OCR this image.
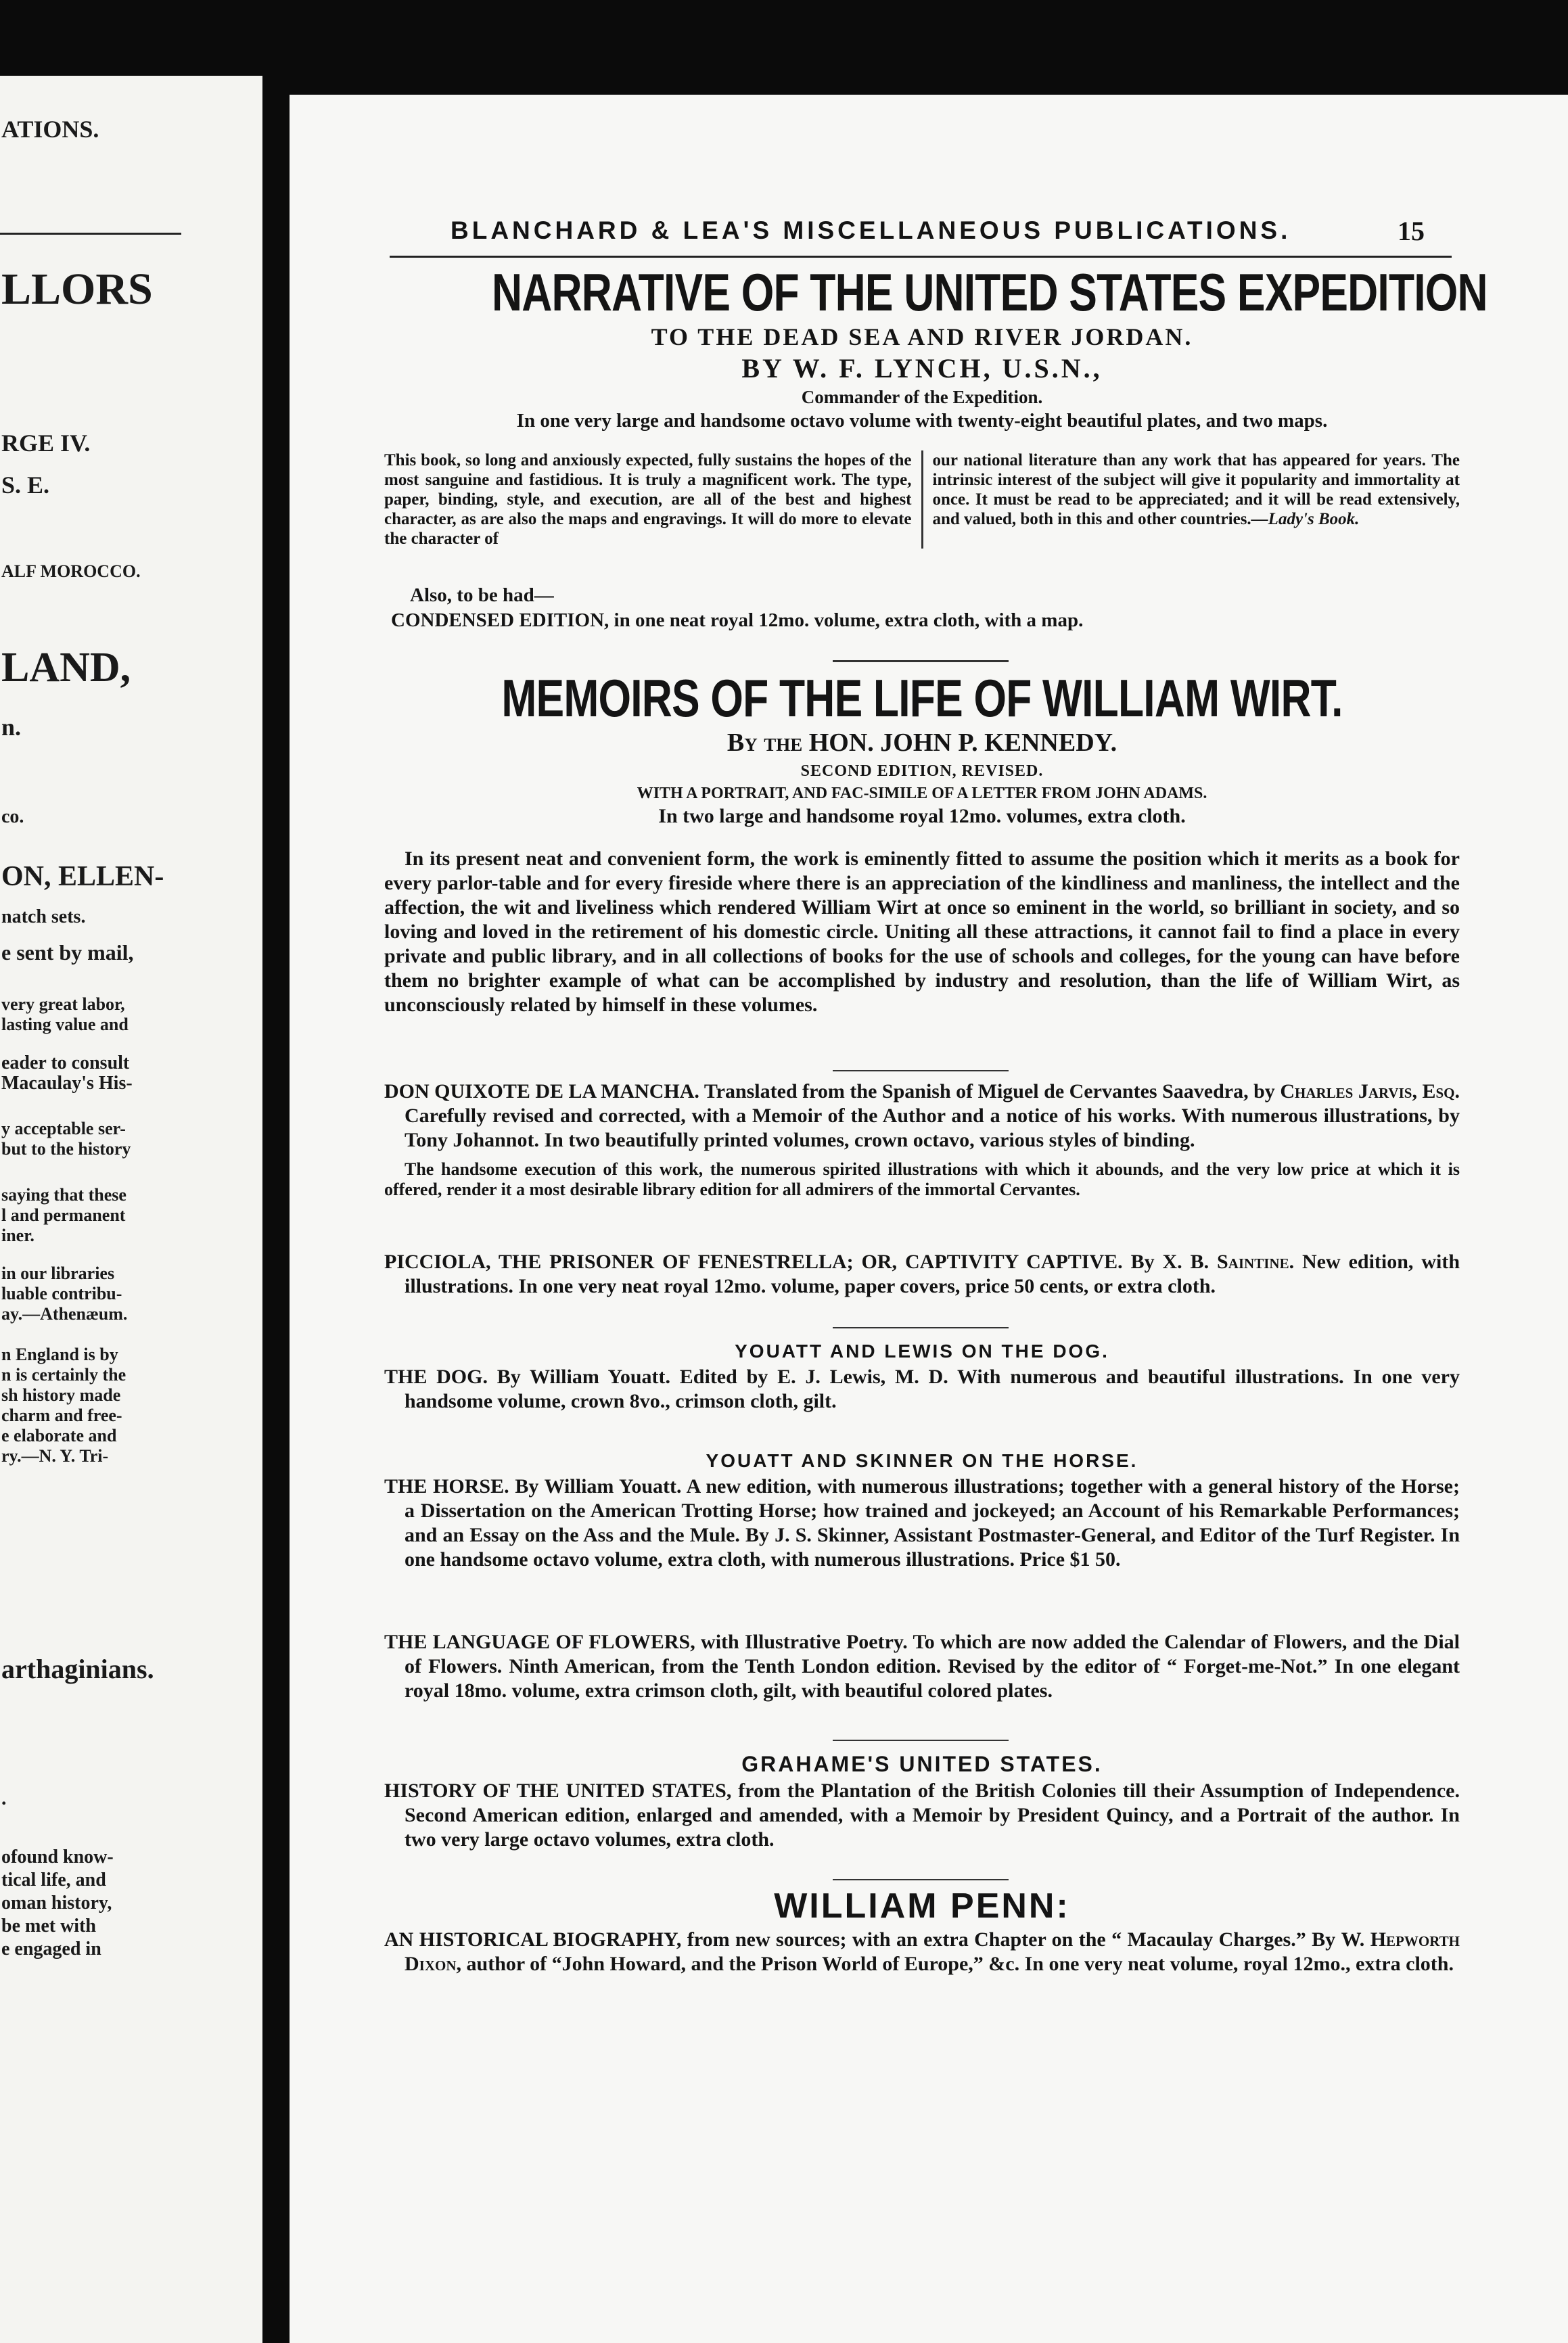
ATIONS.
LLORS
RGE IV.
S. E.
ALF MOROCCO.
LAND,
n.
co.
ON, ELLEN-
natch sets.
e sent by mail,
very great labor,
lasting value and
eader to consult
Macaulay's His-
y acceptable ser-
but to the history
saying that these
l and permanent
iner.
in our libraries
luable contribu-
ay.—Athenæum.
n England is by
n is certainly the
sh history made
charm and free-
e elaborate and
ry.—N. Y. Tri-
arthaginians.
.
ofound know-
tical life, and
oman history,
be met with
e engaged in
BLANCHARD & LEA'S MISCELLANEOUS PUBLICATIONS.	15
NARRATIVE OF THE UNITED STATES EXPEDITION
TO THE DEAD SEA AND RIVER JORDAN.
BY W. F. LYNCH, U.S.N.,
Commander of the Expedition.
In one very large and handsome octavo volume with twenty-eight beautiful plates, and two maps.
This book, so long and anxiously expected, fully sustains the hopes of the most sanguine and fastidious. It is truly a magnificent work. The type, paper, binding, style, and execution, are all of the best and highest character, as are also the maps and engravings. It will do more to elevate the character of
our national literature than any work that has appeared for years. The intrinsic interest of the subject will give it popularity and immortality at once. It must be read to be appreciated; and it will be read extensively, and valued, both in this and other countries.—Lady's Book.
Also, to be had—
CONDENSED EDITION, in one neat royal 12mo. volume, extra cloth, with a map.
MEMOIRS OF THE LIFE OF WILLIAM WIRT.
By the HON. JOHN P. KENNEDY.
SECOND EDITION, REVISED.
WITH A PORTRAIT, AND FAC-SIMILE OF A LETTER FROM JOHN ADAMS.
In two large and handsome royal 12mo. volumes, extra cloth.

In its present neat and convenient form, the work is eminently fitted to assume the position which it merits as a book for every parlor-table and for every fireside where there is an appreciation of the kindliness and manliness, the intellect and the affection, the wit and liveliness which rendered William Wirt at once so eminent in the world, so brilliant in society, and so loving and loved in the retirement of his domestic circle. Uniting all these attractions, it cannot fail to find a place in every private and public library, and in all collections of books for the use of schools and colleges, for the young can have before them no brighter example of what can be accomplished by industry and resolution, than the life of William Wirt, as unconsciously related by himself in these volumes.

DON QUIXOTE DE LA MANCHA. Translated from the Spanish of Miguel de Cervantes Saavedra, by Charles Jarvis, Esq. Carefully revised and corrected, with a Memoir of the Author and a notice of his works. With numerous illustrations, by Tony Johannot. In two beautifully printed volumes, crown octavo, various styles of binding.

The handsome execution of this work, the numerous spirited illustrations with which it abounds, and the very low price at which it is offered, render it a most desirable library edition for all admirers of the immortal Cervantes.

PICCIOLA, THE PRISONER OF FENESTRELLA; OR, CAPTIVITY CAPTIVE. By X. B. Saintine. New edition, with illustrations. In one very neat royal 12mo. volume, paper covers, price 50 cents, or extra cloth.

YOUATT AND LEWIS ON THE DOG.

THE DOG. By William Youatt. Edited by E. J. Lewis, M. D. With numerous and beautiful illustrations. In one very handsome volume, crown 8vo., crimson cloth, gilt.

YOUATT AND SKINNER ON THE HORSE.

THE HORSE. By William Youatt. A new edition, with numerous illustrations; together with a general history of the Horse; a Dissertation on the American Trotting Horse; how trained and jockeyed; an Account of his Remarkable Performances; and an Essay on the Ass and the Mule. By J. S. Skinner, Assistant Postmaster-General, and Editor of the Turf Register. In one handsome octavo volume, extra cloth, with numerous illustrations. Price $1 50.

THE LANGUAGE OF FLOWERS, with Illustrative Poetry. To which are now added the Calendar of Flowers, and the Dial of Flowers. Ninth American, from the Tenth London edition. Revised by the editor of “ Forget-me-Not.” In one elegant royal 18mo. volume, extra crimson cloth, gilt, with beautiful colored plates.

GRAHAME'S UNITED STATES.

HISTORY OF THE UNITED STATES, from the Plantation of the British Colonies till their Assumption of Independence. Second American edition, enlarged and amended, with a Memoir by President Quincy, and a Portrait of the author. In two very large octavo volumes, extra cloth.

WILLIAM PENN:

AN HISTORICAL BIOGRAPHY, from new sources; with an extra Chapter on the “ Macaulay Charges.” By W. Hepworth Dixon, author of “John Howard, and the Prison World of Europe,” &c. In one very neat volume, royal 12mo., extra cloth.
